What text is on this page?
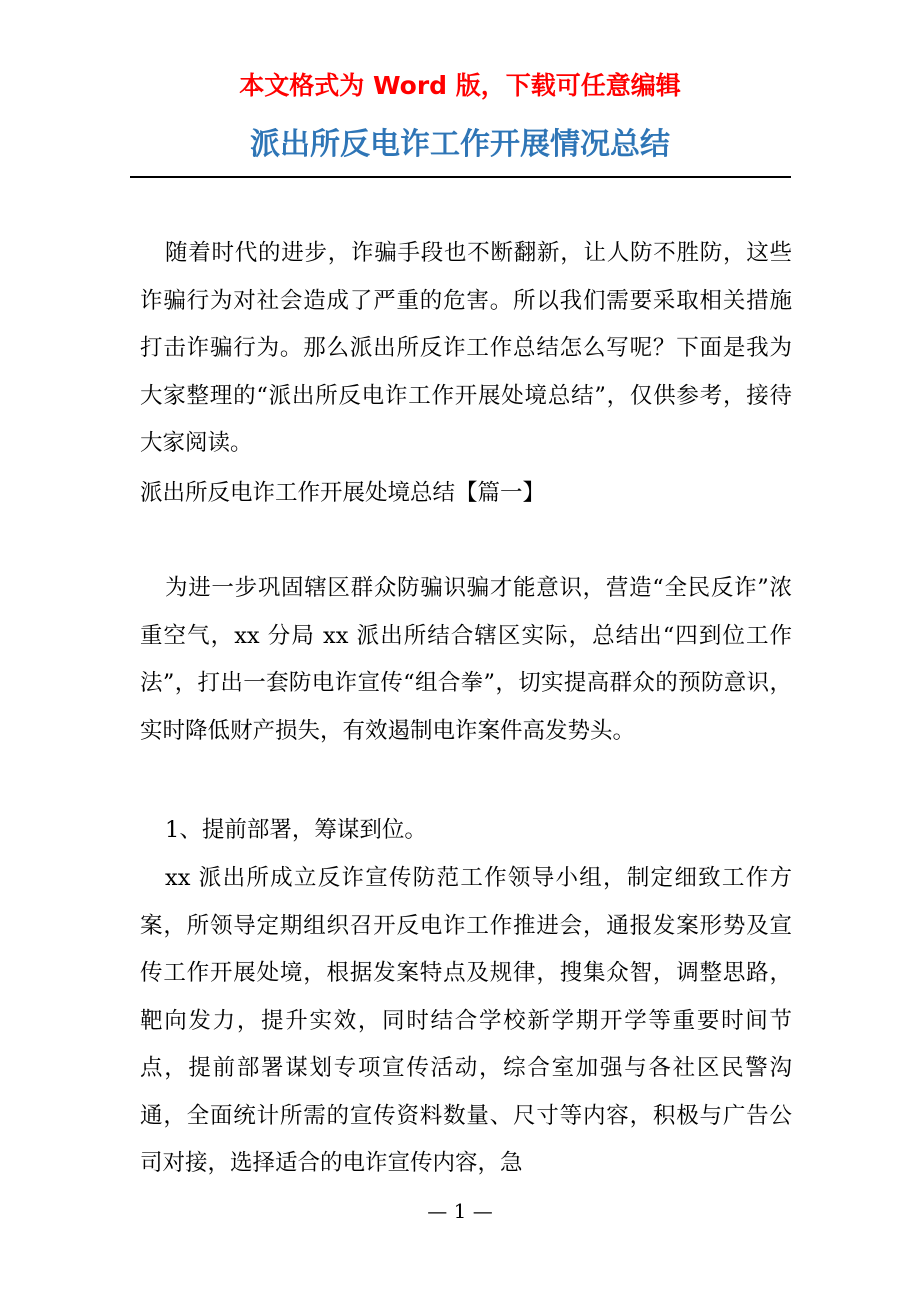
本文格式为 Word 版，下载可任意编辑
派出所反电诈工作开展情况总结
随着时代的进步，诈骗手段也不断翻新，让人防不胜防，这些诈骗行为对社会造成了严重的危害。所以我们需要采取相关措施打击诈骗行为。那么派出所反诈工作总结怎么写呢？下面是我为大家整理的“派出所反电诈工作开展处境总结”，仅供参考，接待大家阅读。
派出所反电诈工作开展处境总结【篇一】
为进一步巩固辖区群众防骗识骗才能意识，营造“全民反诈”浓重空气，xx 分局 xx 派出所结合辖区实际，总结出“四到位工作法”，打出一套防电诈宣传“组合拳”，切实提高群众的预防意识，实时降低财产损失，有效遏制电诈案件高发势头。
1、提前部署，筹谋到位。
xx 派出所成立反诈宣传防范工作领导小组，制定细致工作方案，所领导定期组织召开反电诈工作推进会，通报发案形势及宣传工作开展处境，根据发案特点及规律，搜集众智，调整思路，靶向发力，提升实效，同时结合学校新学期开学等重要时间节点，提前部署谋划专项宣传活动，综合室加强与各社区民警沟通，全面统计所需的宣传资料数量、尺寸等内容，积极与广告公司对接，选择适合的电诈宣传内容，急
— 1 —
